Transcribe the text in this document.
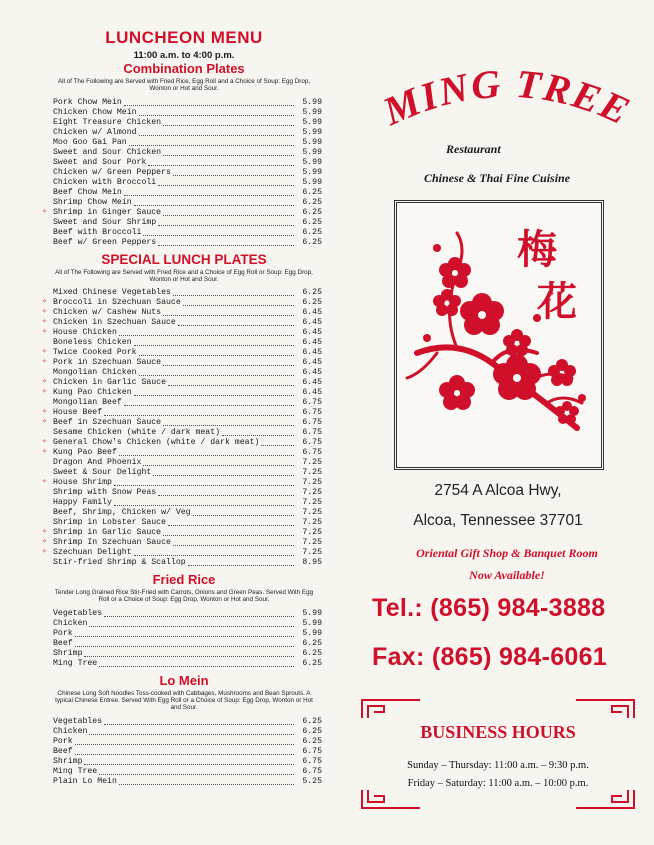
LUNCHEON MENU
11:00 a.m. to 4:00 p.m.
Combination Plates
All of The Following are Served with Fried Rice, Egg Roll and a Choice of Soup: Egg Drop, Wonton or Hot and Sour.
Pork Chow Mein	5.99
Chicken Chow Mein	5.99
Eight Treasure Chicken	5.99
Chicken w/ Almond	5.99
Moo Goo Gai Pan	5.99
Sweet and Sour Chicken	5.99
Sweet and Sour Pork	5.99
Chicken w/ Green Peppers	5.99
Chicken with Broccoli	5.99
Beef Chow Mein	6.25
Shrimp Chow Mein	6.25
✧ Shrimp in Ginger Sauce	6.25
Sweet and Sour Shrimp	6.25
Beef with Broccoli	6.25
Beef w/ Green Peppers	6.25
SPECIAL LUNCH PLATES
All of The Following are Served with Fried Rice and a Choice of Egg Roll or Soup: Egg Drop, Wonton or Hot and Sour.
Mixed Chinese Vegetables	6.25
✧ Broccoli in Szechuan Sauce	6.25
✧ Chicken w/ Cashew Nuts	6.45
✧ Chicken in Szechuan Sauce	6.45
✧ House Chicken	6.45
Boneless Chicken	6.45
✧ Twice Cooked Pork	6.45
✧ Pork in Szechuan Sauce	6.45
Mongolian Chicken	6.45
✧ Chicken in Garlic Sauce	6.45
✧ Kung Pao Chicken	6.45
Mongolian Beef	6.75
✧ House Beef	6.75
✧ Beef in Szechuan Sauce	6.75
Sesame Chicken (white / dark meat)	6.75
✧ General Chow's Chicken (white / dark meat)	6.75
✧ Kung Pao Beef	6.75
Dragon And Phoenix	7.25
Sweet & Sour Delight	7.25
✧ House Shrimp	7.25
Shrimp with Snow Peas	7.25
Happy Family	7.25
Beef, Shrimp, Chicken w/ Veg	7.25
Shrimp in Lobster Sauce	7.25
✧ Shrimp in Garlic Sauce	7.25
✧ Shrimp In Szechuan Sauce	7.25
✧ Szechuan Delight	7.25
Stir-fried Shrimp & Scallop	8.95
Fried Rice
Tender Long Grained Rice Stir-Fried with Carrots, Onions and Green Peas. Served With Egg Roll or a Choice of Soup: Egg Drop, Wonton or Hot and Sour.
Vegetables	5.99
Chicken	5.99
Pork	5.99
Beef	6.25
Shrimp	6.25
Ming Tree	6.25
Lo Mein
Chinese Long Soft Noodles Toss-cooked with Cabbages, Mushrooms and Bean Sprouts. A typical Chinese Entree. Served With Egg Roll or a Choice of Soup: Egg Drop, Wonton or Hot and Sour.
Vegetables	6.25
Chicken	6.25
Pork	6.25
Beef	6.75
Shrimp	6.75
Ming Tree	6.75
Plain Lo Mein	5.25
MING TREE
Restaurant
Chinese & Thai Fine Cuisine
梅
花
2754 A Alcoa Hwy,
Alcoa, Tennessee 37701
Oriental Gift Shop & Banquet Room
Now Available!
Tel.: (865) 984-3888
Fax: (865) 984-6061
BUSINESS HOURS
Sunday – Thursday: 11:00 a.m. – 9:30 p.m.
Friday – Saturday: 11:00 a.m. – 10:00 p.m.
